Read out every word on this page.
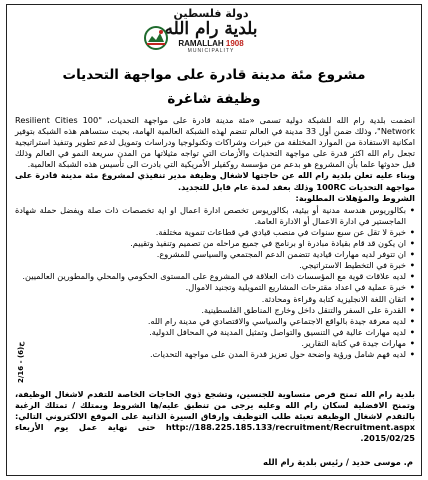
دولة فلسطين
بلدية رام الله
RAMALLAH 1908
MUNICIPALITY
مشروع مئة مدينة قادرة على مواجهة التحديات
وظيفة شاغرة

انضمت بلدية رام الله للشبكة دولية تسمى «مئة مدينة قادرة على مواجهة التحديات، "Resilient Cities 100 Network"، وذلك ضمن أول 33 مدينة في العالم تنضم لهذه الشبكة العالمية الهامة، بحيث ستساهم هذه الشبكة بتوفير امكانية الاستفادة من الموارد المختلفة من خبرات وشراكات وتكنولوجيا ودراسات وتمويل لدعم تطوير وتنفيذ استراتيجية تجعل رام الله اكثر قدرة على مواجهة التحديات والأزمات التي تواجه مثيلاتها من المدن سريعة النمو في العالم وذلك قبل حدوثها علما بأن المشروع هو بدعم من مؤسسة روكفيلر الأمريكية التي بادرت الى تأسيس هذه الشبكة العالمية.

وبناء عليه تعلن بلدية رام الله عن حاجتها لاشغال وظيفة مدير تنفيذي لمشروع مئة مدينة قادرة على مواجهة التحديات 100RC وذلك بعقد لمدة عام قابل للتجديد.

الشروط والمؤهلات المطلوبة:

• بكالوريوس هندسة مدنية أو بيئية، بكالوريوس تخصص ادارة اعمال او اية تخصصات ذات صلة ويفضل حملة شهادة الماجستير في ادارة الاعمال أو الادارة العامة.
• خبرة لا تقل عن سبع سنوات في منصب قيادي في قطاعات تنموية مختلفة.
• ان يكون قد قام بقيادة مبادرة او برنامج في جميع مراحله من تصميم وتنفيذ وتقييم.
• ان تتوفر لديه مهارات قيادية تتضمن الدعم المجتمعي والسياسي للمشروع.
• خبرة في التخطيط الاستراتيجي.
• لديه علاقات قوية مع المؤسسات ذات العلاقة في المشروع على المستوى الحكومي والمحلي والمطورين العالميين.
• خبرة عملية في اعداد مقترحات المشاريع التمويلية وتجنيد الاموال.
• اتقان اللغة الانجليزية كتابة وقراءة ومحادثة.
• القدرة على السفر والتنقل داخل وخارج المناطق الفلسطينية.
• لديه معرفة جيدة بالواقع الاجتماعي والسياسي والاقتصادي في مدينة رام الله.
• لديه مهارات عالية في التنسيق والتواصل وتمثيل المدينة في المحافل الدولية.
• مهارات جيدة في كتابة التقارير.
• لديه فهم شامل ورؤية واضحة حول تعزيز قدرة المدن على مواجهة التحديات.
بلدية رام الله تمنح فرص متساوية للجنسين، وتشجع ذوي الحاجات الخاصة للتقدم لاشغال الوظيفة، وتمنح الافضلية لسكان رام الله وعليه يرجى من تنطبق عليه/ها الشروط ويمتلك / تمتلك الرغبة بالتقدم لاشغال الوظيفة تعبئة طلب التوظيف وإرفاق السيرة الذاتية على الموقع الالكتروني التالي: http://188.225.185.133/recruitment/Recruitment.aspx حتى نهاية عمل يوم الأربعاء 2015/02/25.
م. موسى حديد / رئيس بلدية رام الله
2/16 - ح(6)
